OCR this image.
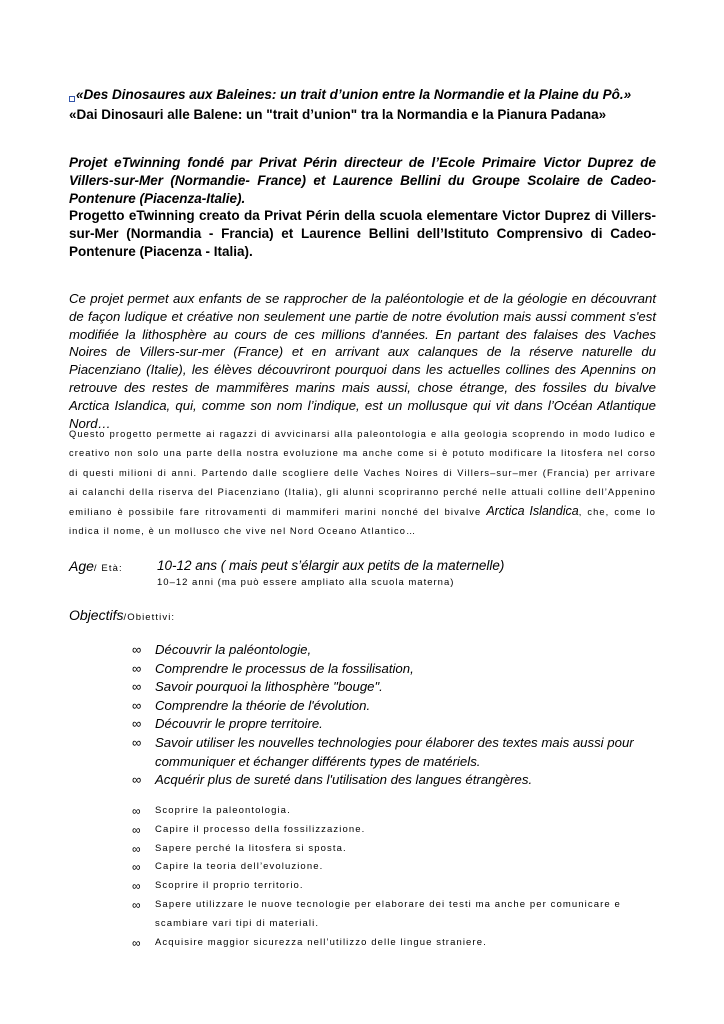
«Des Dinosaures aux Baleines: un trait d’union entre la Normandie et la Plaine du Pô.»
«Dai Dinosauri alle Balene: un "trait d’union" tra la Normandia e la Pianura Padana»
Projet eTwinning fondé par Privat Périn directeur de l’Ecole Primaire Victor Duprez de Villers-sur-Mer (Normandie- France) et Laurence Bellini du Groupe Scolaire de Cadeo-Pontenure (Piacenza-Italie).
Progetto eTwinning creato da Privat Périn della scuola elementare Victor Duprez di Villers-sur-Mer (Normandia - Francia) et Laurence Bellini dell’Istituto Comprensivo di Cadeo-Pontenure (Piacenza - Italia).
Ce projet permet aux enfants de se rapprocher de la paléontologie et de la géologie en découvrant de façon ludique et créative non seulement une partie de notre évolution mais aussi comment s'est modifiée la lithosphère au cours de ces millions d'années. En partant des falaises des Vaches Noires de Villers-sur-mer (France) et en arrivant aux calanques de la réserve naturelle du Piacenziano (Italie), les élèves découvriront pourquoi dans les actuelles collines des Apennins on retrouve des restes de mammifères marins mais aussi, chose étrange, des fossiles du bivalve Arctica Islandica, qui, comme son nom l’indique, est un mollusque qui vit dans l’Océan Atlantique Nord…
Questo progetto permette ai ragazzi di avvicinarsi alla paleontologia e alla geologia scoprendo in modo ludico e creativo non solo una parte della nostra evoluzione ma anche come si è potuto modificare la litosfera nel corso di questi milioni di anni. Partendo dalle scogliere delle Vaches Noires di Villers–sur–mer (Francia) per arrivare ai calanchi della riserva del Piacenziano (Italia), gli alunni scopriranno perché nelle attuali colline dell’Appenino emiliano è possibile fare ritrovamenti di mammiferi marini nonché del bivalve Arctica Islandica, che, come lo indica il nome, è un mollusco che vive nel Nord Oceano Atlantico…
Age/ Età:	10-12 ans ( mais peut s’élargir aux petits de la maternelle)
10–12 anni (ma può essere ampliato alla scuola materna)
Objectifs/Obiettivi:
∞ Découvrir la paléontologie,
∞ Comprendre le processus de la fossilisation,
∞ Savoir pourquoi la lithosphère "bouge".
∞ Comprendre la théorie de l'évolution.
∞ Découvrir le propre territoire.
∞ Savoir utiliser les nouvelles technologies pour élaborer des textes mais aussi pour communiquer et échanger différents types de matériels.
∞ Acquérir plus de sureté dans l'utilisation des langues étrangères.
∞ Scoprire la paleontologia.
∞ Capire il processo della fossilizzazione.
∞ Sapere perché la litosfera si sposta.
∞ Capire la teoria dell’evoluzione.
∞ Scoprire il proprio territorio.
∞ Sapere utilizzare le nuove tecnologie per elaborare dei testi ma anche per comunicare e scambiare vari tipi di materiali.
∞ Acquisire maggior sicurezza nell’utilizzo delle lingue straniere.
